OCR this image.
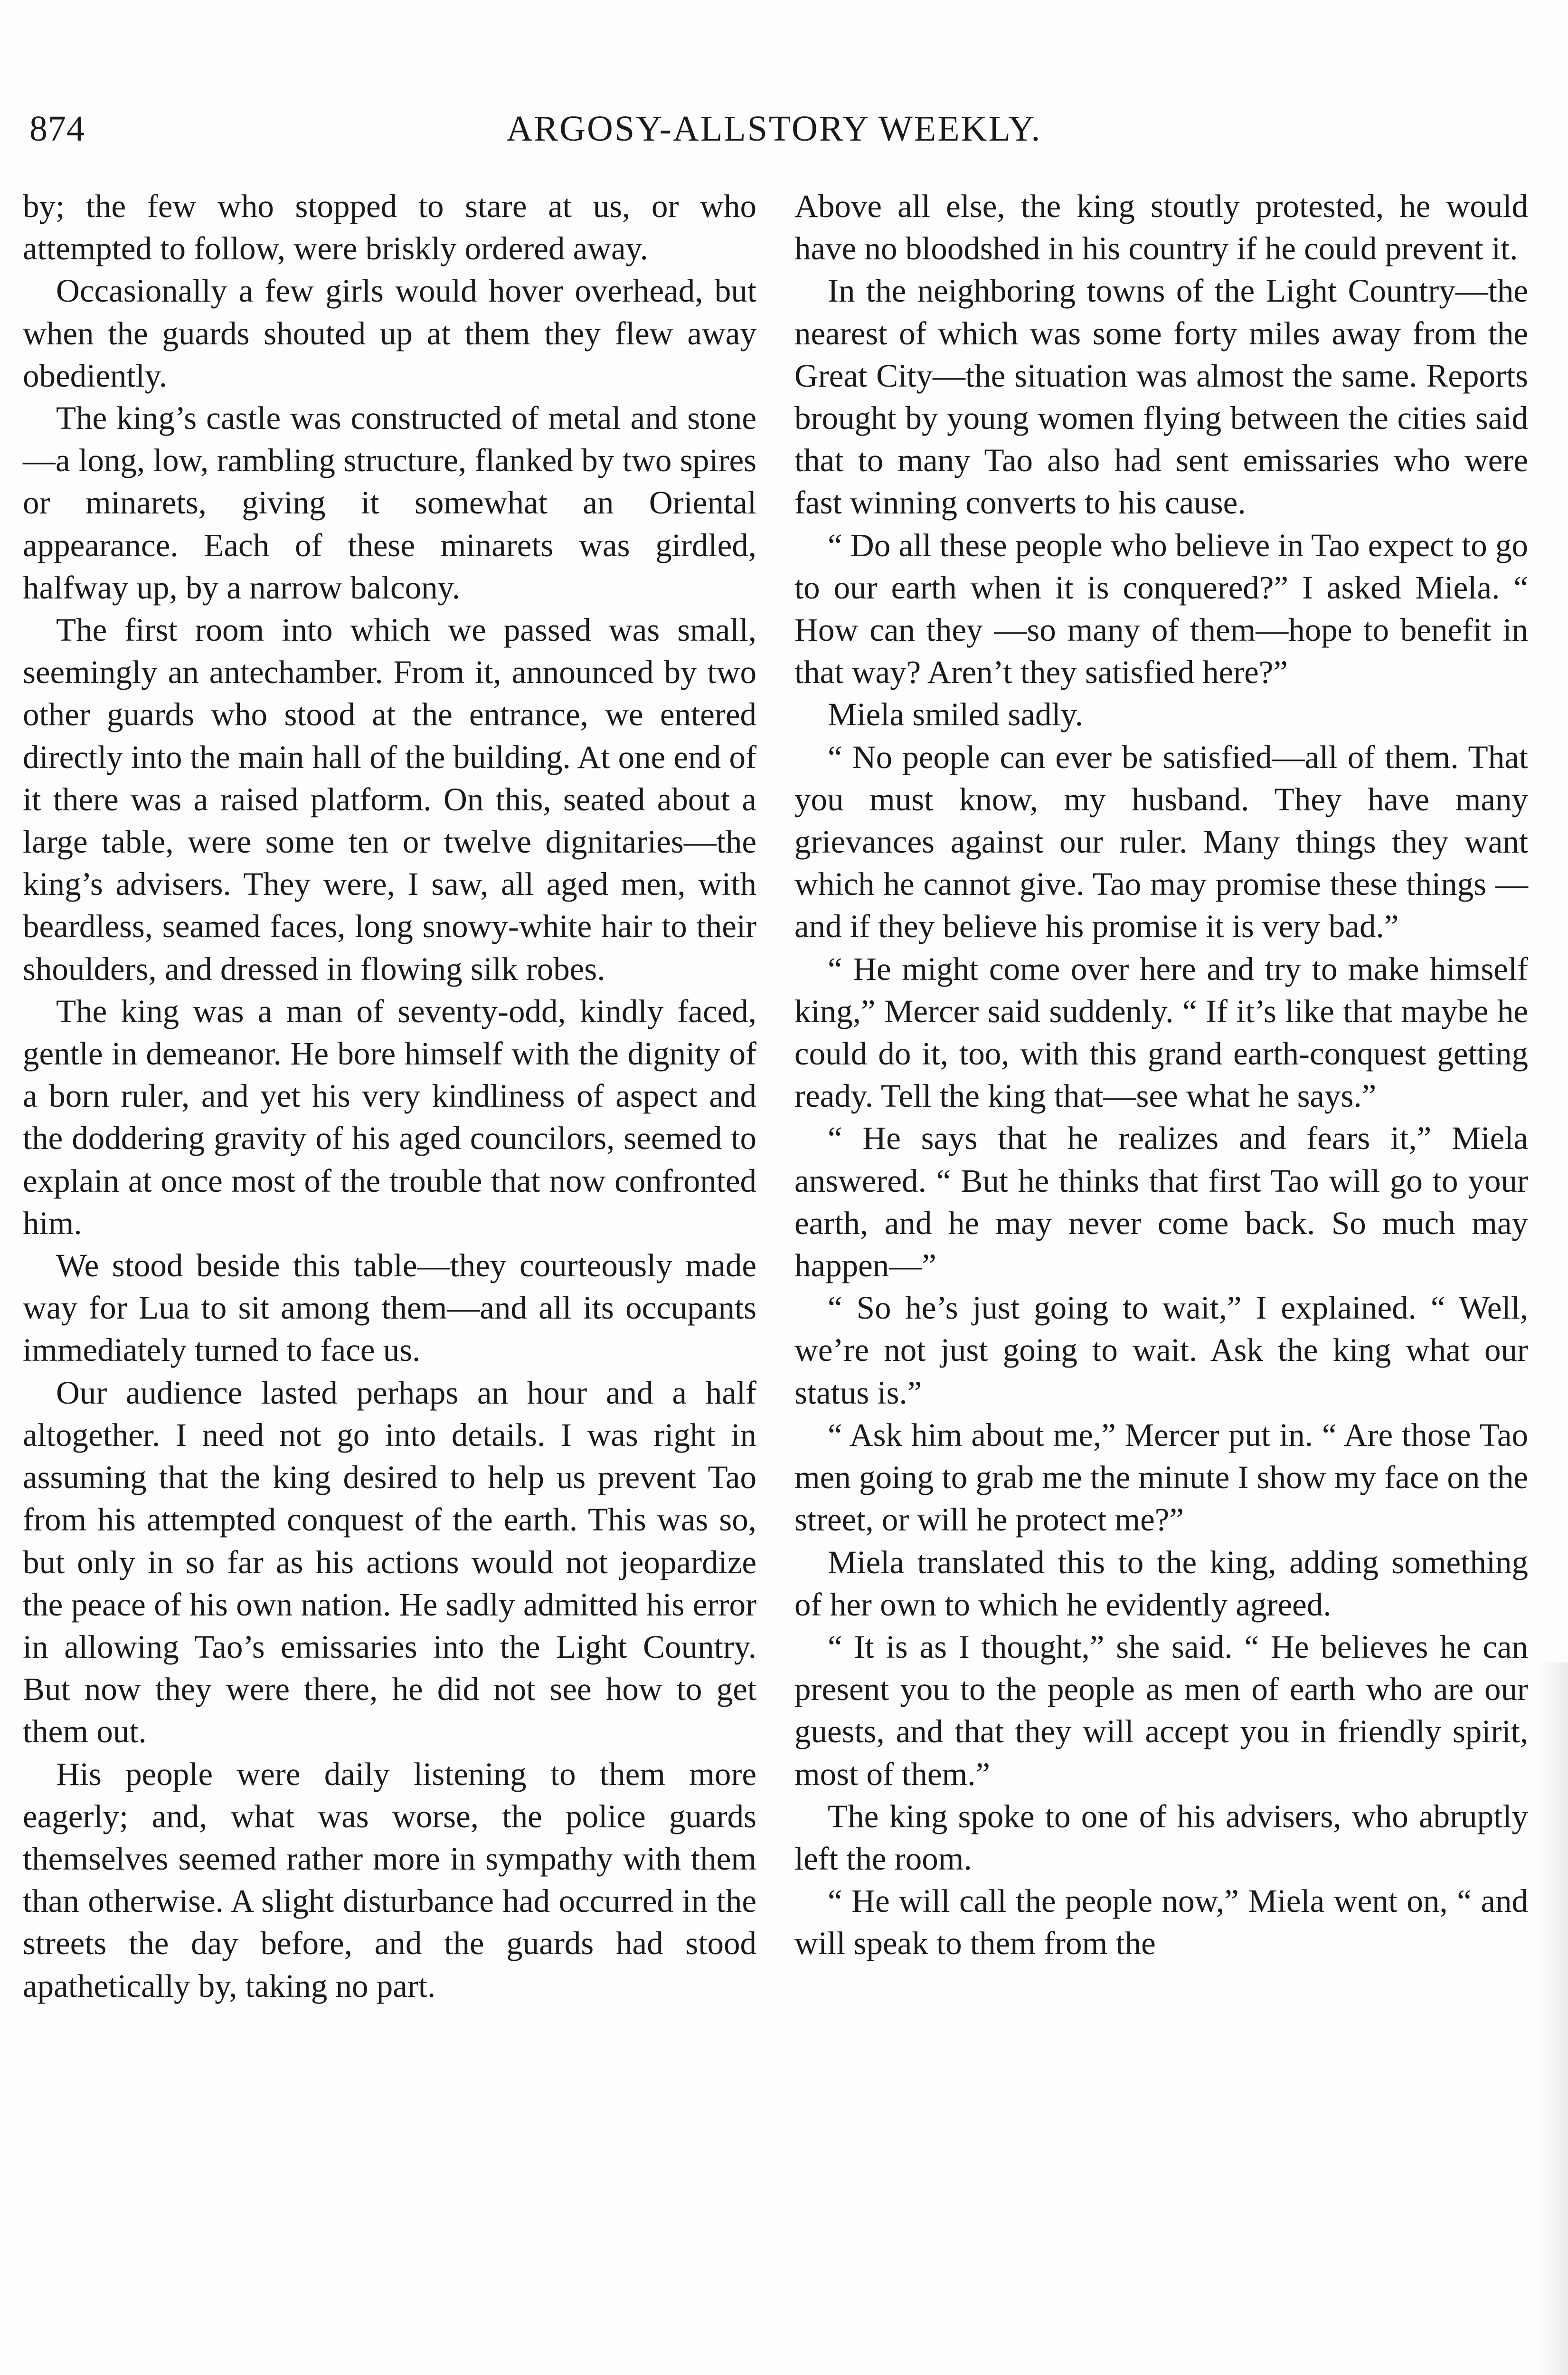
874	ARGOSY-ALLSTORY WEEKLY.

by; the few who stopped to stare at us, or who attempted to follow, were briskly ordered away.

Occasionally a few girls would hover overhead, but when the guards shouted up at them they flew away obediently.

The king’s castle was constructed of metal and stone—a long, low, rambling structure, flanked by two spires or minarets, giving it somewhat an Oriental appearance. Each of these minarets was girdled, halfway up, by a narrow balcony.

The first room into which we passed was small, seemingly an antechamber. From it, announced by two other guards who stood at the entrance, we entered directly into the main hall of the building. At one end of it there was a raised platform. On this, seated about a large table, were some ten or twelve dignitaries—the king’s advisers. They were, I saw, all aged men, with beardless, seamed faces, long snowy-white hair to their shoulders, and dressed in flowing silk robes.

The king was a man of seventy-odd, kindly faced, gentle in demeanor. He bore himself with the dignity of a born ruler, and yet his very kindliness of aspect and the doddering gravity of his aged councilors, seemed to explain at once most of the trouble that now confronted him.

We stood beside this table—they courteously made way for Lua to sit among them—and all its occupants immediately turned to face us.

Our audience lasted perhaps an hour and a half altogether. I need not go into details. I was right in assuming that the king desired to help us prevent Tao from his attempted conquest of the earth. This was so, but only in so far as his actions would not jeopardize the peace of his own nation. He sadly admitted his error in allowing Tao’s emissaries into the Light Country. But now they were there, he did not see how to get them out.

His people were daily listening to them more eagerly; and, what was worse, the police guards themselves seemed rather more in sympathy with them than otherwise. A slight disturbance had occurred in the streets the day before, and the guards had stood apathetically by, taking no part.

Above all else, the king stoutly protested, he would have no bloodshed in his country if he could prevent it.

In the neighboring towns of the Light Country—the nearest of which was some forty miles away from the Great City—the situation was almost the same. Reports brought by young women flying between the cities said that to many Tao also had sent emissaries who were fast winning converts to his cause.

“ Do all these people who believe in Tao expect to go to our earth when it is conquered?” I asked Miela. “ How can they —so many of them—hope to benefit in that way? Aren’t they satisfied here?”

Miela smiled sadly.

“ No people can ever be satisfied—all of them. That you must know, my husband. They have many grievances against our ruler. Many things they want which he cannot give. Tao may promise these things —and if they believe his promise it is very bad.”

“ He might come over here and try to make himself king,” Mercer said suddenly. “ If it’s like that maybe he could do it, too, with this grand earth-conquest getting ready. Tell the king that—see what he says.”

“ He says that he realizes and fears it,” Miela answered. “ But he thinks that first Tao will go to your earth, and he may never come back. So much may happen—”

“ So he’s just going to wait,” I explained. “ Well, we’re not just going to wait. Ask the king what our status is.”

“ Ask him about me,” Mercer put in. “ Are those Tao men going to grab me the minute I show my face on the street, or will he protect me?”

Miela translated this to the king, adding something of her own to which he evidently agreed.

“ It is as I thought,” she said. “ He believes he can present you to the people as men of earth who are our guests, and that they will accept you in friendly spirit, most of them.”

The king spoke to one of his advisers, who abruptly left the room.

“ He will call the people now,” Miela went on, “ and will speak to them from the
